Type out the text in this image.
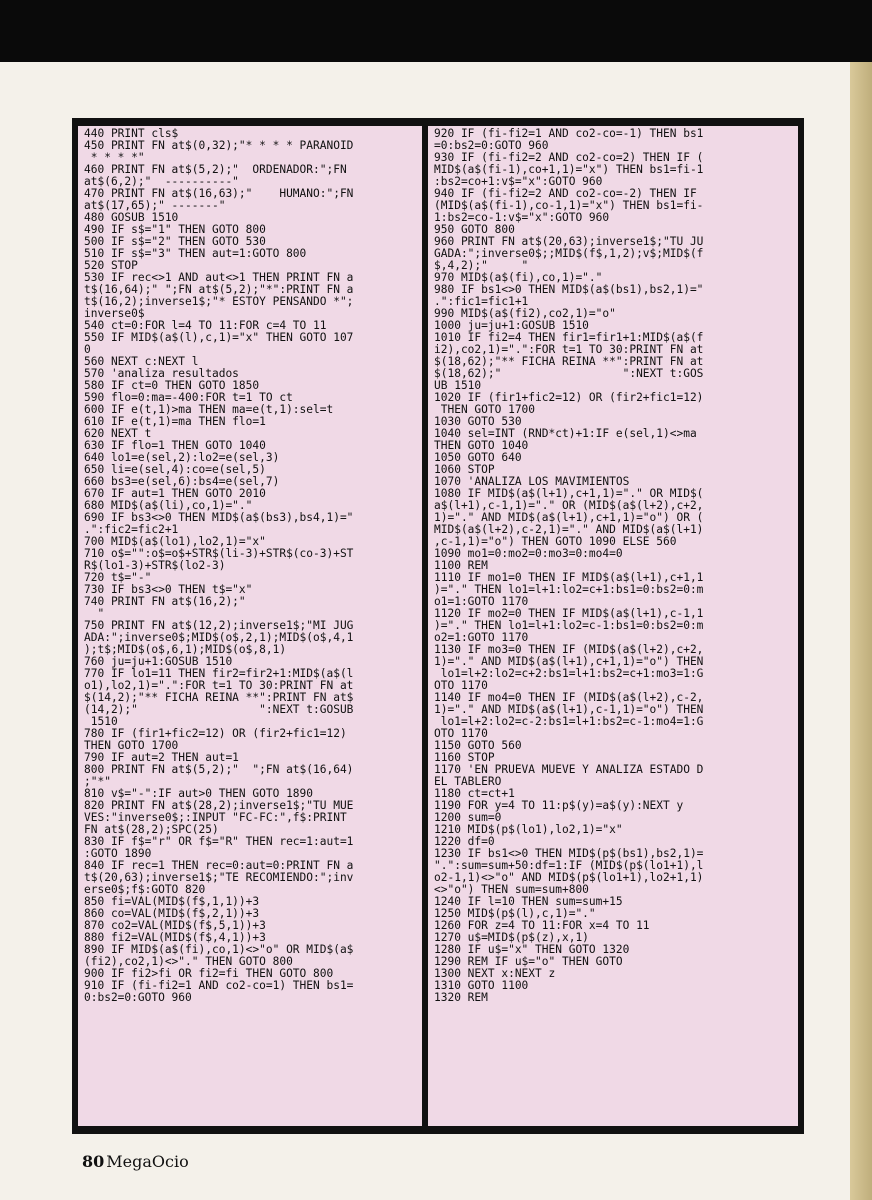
440 PRINT cls$
450 PRINT FN at$(0,32);"* * * * PARANOID
* * * *"
460 PRINT FN at$(5,2);"  ORDENADOR:";FN
at$(6,2);"  ----------"
470 PRINT FN at$(16,63);"    HUMANO:";FN
at$(17,65);" -------"
480 GOSUB 1510
490 IF s$="1" THEN GOTO 800
500 IF s$="2" THEN GOTO 530
510 IF s$="3" THEN aut=1:GOTO 800
520 STOP
530 IF rec<>1 AND aut<>1 THEN PRINT FN a
t$(16,64);" ";FN at$(5,2);"*":PRINT FN a
t$(16,2);inverse1$;"* ESTOY PENSANDO *";
inverse0$
540 ct=0:FOR l=4 TO 11:FOR c=4 TO 11
550 IF MID$(a$(l),c,1)="x" THEN GOTO 107
0
560 NEXT c:NEXT l
570 'analiza resultados
580 IF ct=0 THEN GOTO 1850
590 flo=0:ma=-400:FOR t=1 TO ct
600 IF e(t,1)>ma THEN ma=e(t,1):sel=t
610 IF e(t,1)=ma THEN flo=1
620 NEXT t
630 IF flo=1 THEN GOTO 1040
640 lo1=e(sel,2):lo2=e(sel,3)
650 li=e(sel,4):co=e(sel,5)
660 bs3=e(sel,6):bs4=e(sel,7)
670 IF aut=1 THEN GOTO 2010
680 MID$(a$(li),co,1)="."
690 IF bs3<>0 THEN MID$(a$(bs3),bs4,1)="
.":fic2=fic2+1
700 MID$(a$(lo1),lo2,1)="x"
710 o$="":o$=o$+STR$(li-3)+STR$(co-3)+ST
R$(lo1-3)+STR$(lo2-3)
720 t$="-"
730 IF bs3<>0 THEN t$="x"
740 PRINT FN at$(16,2);"
"
750 PRINT FN at$(12,2);inverse1$;"MI JUG
ADA:";inverse0$;MID$(o$,2,1);MID$(o$,4,1
);t$;MID$(o$,6,1);MID$(o$,8,1)
760 ju=ju+1:GOSUB 1510
770 IF lo1=11 THEN fir2=fir2+1:MID$(a$(l
o1),lo2,1)=".":FOR t=1 TO 30:PRINT FN at
$(14,2);"** FICHA REINA **":PRINT FN at$
(14,2);"                  ":NEXT t:GOSUB
1510
780 IF (fir1+fic2=12) OR (fir2+fic1=12)
THEN GOTO 1700
790 IF aut=2 THEN aut=1
800 PRINT FN at$(5,2);"  ";FN at$(16,64)
;"*"
810 v$="-":IF aut>0 THEN GOTO 1890
820 PRINT FN at$(28,2);inverse1$;"TU MUE
VES:"inverse0$;:INPUT "FC-FC:",f$:PRINT
FN at$(28,2);SPC(25)
830 IF f$="r" OR f$="R" THEN rec=1:aut=1
:GOTO 1890
840 IF rec=1 THEN rec=0:aut=0:PRINT FN a
t$(20,63);inverse1$;"TE RECOMIENDO:";inv
erse0$;f$:GOTO 820
850 fi=VAL(MID$(f$,1,1))+3
860 co=VAL(MID$(f$,2,1))+3
870 co2=VAL(MID$(f$,5,1))+3
880 fi2=VAL(MID$(f$,4,1))+3
890 IF MID$(a$(fi),co,1)<>"o" OR MID$(a$
(fi2),co2,1)<>"." THEN GOTO 800
900 IF fi2>fi OR fi2=fi THEN GOTO 800
910 IF (fi-fi2=1 AND co2-co=1) THEN bs1=
0:bs2=0:GOTO 960
920 IF (fi-fi2=1 AND co2-co=-1) THEN bs1
=0:bs2=0:GOTO 960
930 IF (fi-fi2=2 AND co2-co=2) THEN IF (
MID$(a$(fi-1),co+1,1)="x") THEN bs1=fi-1
:bs2=co+1:v$="x":GOTO 960
940 IF (fi-fi2=2 AND co2-co=-2) THEN IF
(MID$(a$(fi-1),co-1,1)="x") THEN bs1=fi-
1:bs2=co-1:v$="x":GOTO 960
950 GOTO 800
960 PRINT FN at$(20,63);inverse1$;"TU JU
GADA:";inverse0$;;MID$(f$,1,2);v$;MID$(f
$,4,2);"     "
970 MID$(a$(fi),co,1)="."
980 IF bs1<>0 THEN MID$(a$(bs1),bs2,1)="
.":fic1=fic1+1
990 MID$(a$(fi2),co2,1)="o"
1000 ju=ju+1:GOSUB 1510
1010 IF fi2=4 THEN fir1=fir1+1:MID$(a$(f
i2),co2,1)=".":FOR t=1 TO 30:PRINT FN at
$(18,62);"** FICHA REINA **":PRINT FN at
$(18,62);"                  ":NEXT t:GOS
UB 1510
1020 IF (fir1+fic2=12) OR (fir2+fic1=12)
THEN GOTO 1700
1030 GOTO 530
1040 sel=INT (RND*ct)+1:IF e(sel,1)<>ma
THEN GOTO 1040
1050 GOTO 640
1060 STOP
1070 'ANALIZA LOS MAVIMIENTOS
1080 IF MID$(a$(l+1),c+1,1)="." OR MID$(
a$(l+1),c-1,1)="." OR (MID$(a$(l+2),c+2,
1)="." AND MID$(a$(l+1),c+1,1)="o") OR (
MID$(a$(l+2),c-2,1)="." AND MID$(a$(l+1)
,c-1,1)="o") THEN GOTO 1090 ELSE 560
1090 mo1=0:mo2=0:mo3=0:mo4=0
1100 REM
1110 IF mo1=0 THEN IF MID$(a$(l+1),c+1,1
)="." THEN lo1=l+1:lo2=c+1:bs1=0:bs2=0:m
o1=1:GOTO 1170
1120 IF mo2=0 THEN IF MID$(a$(l+1),c-1,1
)="." THEN lo1=l+1:lo2=c-1:bs1=0:bs2=0:m
o2=1:GOTO 1170
1130 IF mo3=0 THEN IF (MID$(a$(l+2),c+2,
1)="." AND MID$(a$(l+1),c+1,1)="o") THEN
lo1=l+2:lo2=c+2:bs1=l+1:bs2=c+1:mo3=1:G
OTO 1170
1140 IF mo4=0 THEN IF (MID$(a$(l+2),c-2,
1)="." AND MID$(a$(l+1),c-1,1)="o") THEN
lo1=l+2:lo2=c-2:bs1=l+1:bs2=c-1:mo4=1:G
OTO 1170
1150 GOTO 560
1160 STOP
1170 'EN PRUEVA MUEVE Y ANALIZA ESTADO D
EL TABLERO
1180 ct=ct+1
1190 FOR y=4 TO 11:p$(y)=a$(y):NEXT y
1200 sum=0
1210 MID$(p$(lo1),lo2,1)="x"
1220 df=0
1230 IF bs1<>0 THEN MID$(p$(bs1),bs2,1)=
".":sum=sum+50:df=1:IF (MID$(p$(lo1+1),l
o2-1,1)<>"o" AND MID$(p$(lo1+1),lo2+1,1)
<>"o") THEN sum=sum+800
1240 IF l=10 THEN sum=sum+15
1250 MID$(p$(l),c,1)="."
1260 FOR z=4 TO 11:FOR x=4 TO 11
1270 u$=MID$(p$(z),x,1)
1280 IF u$="x" THEN GOTO 1320
1290 REM IF u$="o" THEN GOTO
1300 NEXT x:NEXT z
1310 GOTO 1100
1320 REM
80 MegaOcio
